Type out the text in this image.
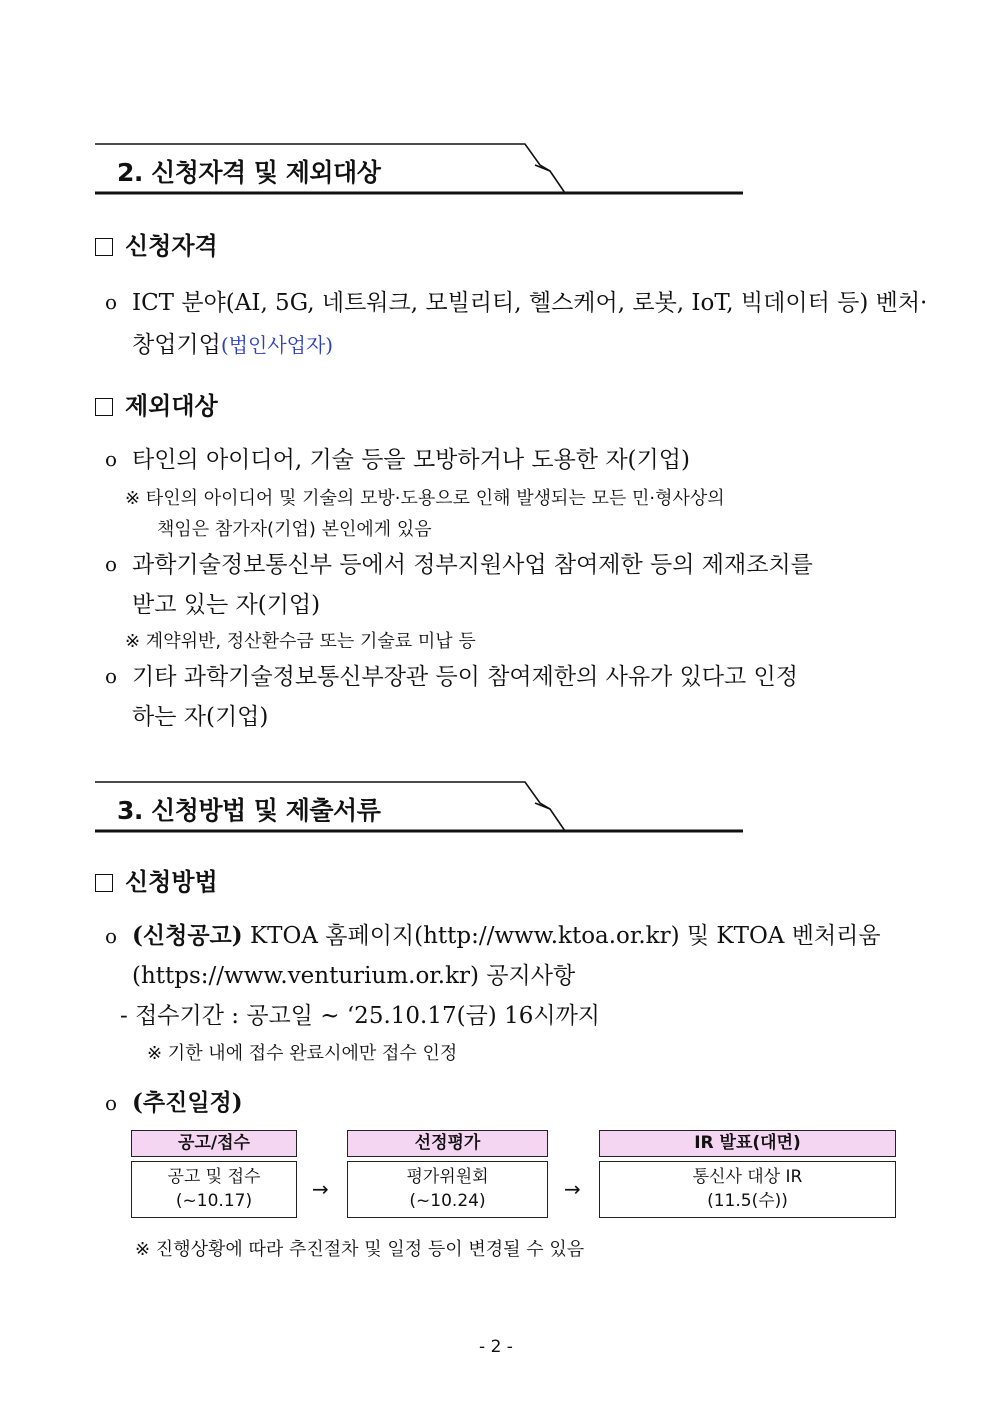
2. 신청자격 및 제외대상
신청자격
o ICT 분야(AI, 5G, 네트워크, 모빌리티, 헬스케어, 로봇, IoT, 빅데이터 등) 벤처·
창업기업(법인사업자)
제외대상
o 타인의 아이디어, 기술 등을 모방하거나 도용한 자(기업)
※ 타인의 아이디어 및 기술의 모방·도용으로 인해 발생되는 모든 민·형사상의
책임은 참가자(기업) 본인에게 있음
o 과학기술정보통신부 등에서 정부지원사업 참여제한 등의 제재조치를
받고 있는 자(기업)
※ 계약위반, 정산환수금 또는 기술료 미납 등
o 기타 과학기술정보통신부장관 등이 참여제한의 사유가 있다고 인정
하는 자(기업)
3. 신청방법 및 제출서류
신청방법
o (신청공고) KTOA 홈페이지(http://www.ktoa.or.kr) 및 KTOA 벤처리움
(https://www.venturium.or.kr) 공지사항
- 접수기간 : 공고일 ~ ‘25.10.17(금) 16시까지
※ 기한 내에 접수 완료시에만 접수 인정
o (추진일정)
공고/접수
공고 및 접수
(~10.17)	→
선정평가
평가위원회
(~10.24)	→
IR 발표(대면)
통신사 대상 IR
(11.5(수))
※ 진행상황에 따라 추진절차 및 일정 등이 변경될 수 있음
- 2 -
